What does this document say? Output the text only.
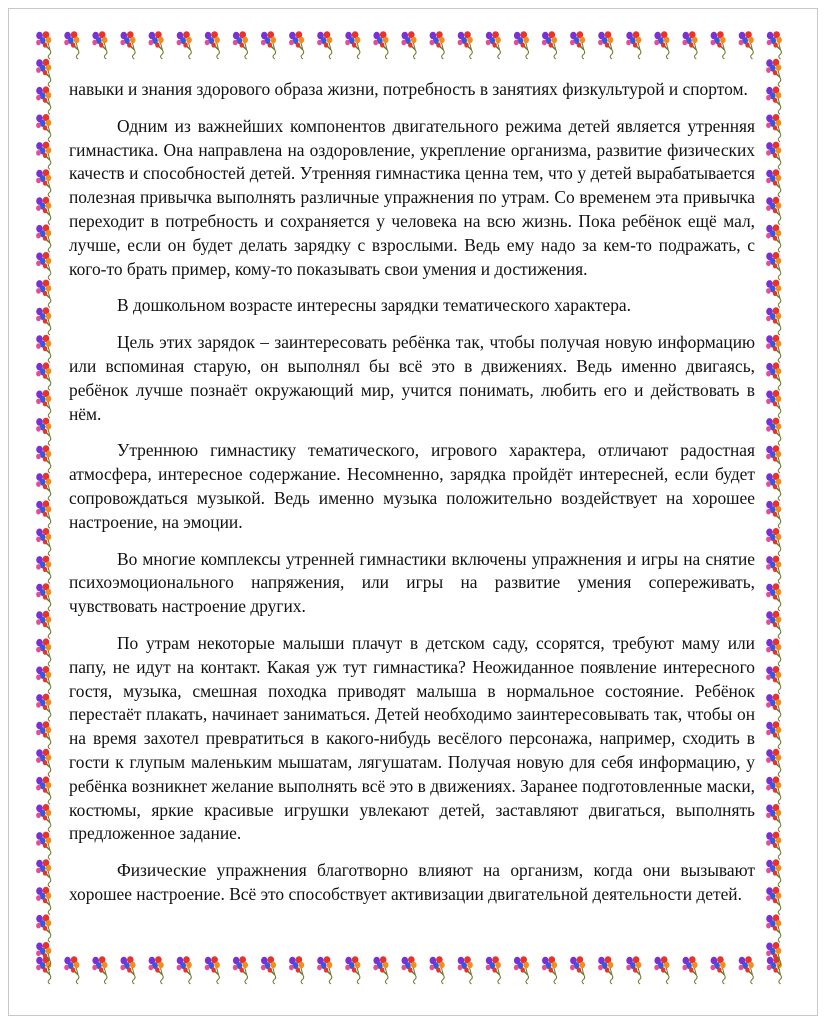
навыки и знания здорового образа жизни, потребность в занятиях физкультурой и спортом.

Одним из важнейших компонентов двигательного режима детей является утренняя гимнастика. Она направлена на оздоровление, укрепление организма, развитие физических качеств и способностей детей. Утренняя гимнастика ценна тем, что у детей вырабатывается полезная привычка выполнять различные упражнения по утрам. Со временем эта привычка переходит в потребность и сохраняется у человека на всю жизнь. Пока ребёнок ещё мал, лучше, если он будет делать зарядку с взрослыми. Ведь ему надо за кем-то подражать, с кого-то брать пример, кому-то показывать свои умения и достижения.

В дошкольном возрасте интересны зарядки тематического характера.

Цель этих зарядок – заинтересовать ребёнка так, чтобы получая новую информацию или вспоминая старую, он выполнял бы всё это в движениях. Ведь именно двигаясь, ребёнок лучше познаёт окружающий мир, учится понимать, любить его и действовать в нём.

Утреннюю гимнастику тематического, игрового характера, отличают радостная атмосфера, интересное содержание. Несомненно, зарядка пройдёт интересней, если будет сопровождаться музыкой. Ведь именно музыка положительно воздействует на хорошее настроение, на эмоции.

Во многие комплексы утренней гимнастики включены упражнения и игры на снятие психоэмоционального напряжения, или игры на развитие умения сопереживать, чувствовать настроение других.

По утрам некоторые малыши плачут в детском саду, ссорятся, требуют маму или папу, не идут на контакт. Какая уж тут гимнастика? Неожиданное появление интересного гостя, музыка, смешная походка приводят малыша в нормальное состояние. Ребёнок перестаёт плакать, начинает заниматься. Детей необходимо заинтересовывать так, чтобы он на время захотел превратиться в какого-нибудь весёлого персонажа, например, сходить в гости к глупым маленьким мышатам, лягушатам. Получая новую для себя информацию, у ребёнка возникнет желание выполнять всё это в движениях. Заранее подготовленные маски, костюмы, яркие красивые игрушки увлекают детей, заставляют двигаться, выполнять предложенное задание.

Физические упражнения благотворно влияют на организм, когда они вызывают хорошее настроение. Всё это способствует активизации двигательной деятельности детей.
